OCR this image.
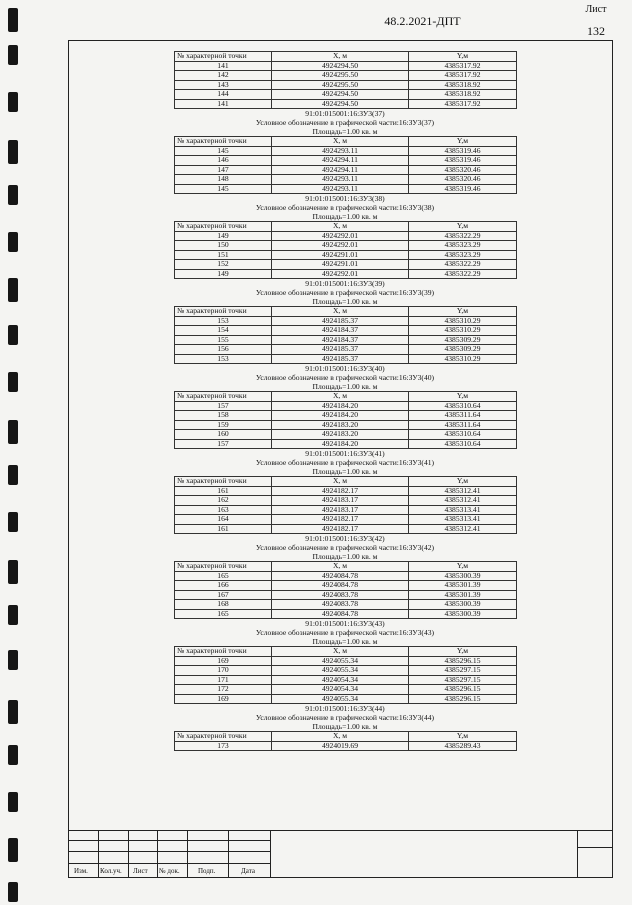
№ характерной точки	X, м	Y,м
141	4924294.50	4385317.92
142	4924295.50	4385317.92
143	4924295.50	4385318.92
144	4924294.50	4385318.92
141	4924294.50	4385317.92
91:01:015001:16:ЗУ3(37)
Условное обозначение в графической части:16:ЗУ3(37)
Площадь=1.00 кв. м
№ характерной точки	X, м	Y,м
145	4924293.11	4385319.46
146	4924294.11	4385319.46
147	4924294.11	4385320.46
148	4924293.11	4385320.46
145	4924293.11	4385319.46
91:01:015001:16:ЗУ3(38)
Условное обозначение в графической части:16:ЗУ3(38)
Площадь=1.00 кв. м
№ характерной точки	X, м	Y,м
149	4924292.01	4385322.29
150	4924292.01	4385323.29
151	4924291.01	4385323.29
152	4924291.01	4385322.29
149	4924292.01	4385322.29
91:01:015001:16:ЗУ3(39)
Условное обозначение в графической части:16:ЗУ3(39)
Площадь=1.00 кв. м
№ характерной точки	X, м	Y,м
153	4924185.37	4385310.29
154	4924184.37	4385310.29
155	4924184.37	4385309.29
156	4924185.37	4385309.29
153	4924185.37	4385310.29
91:01:015001:16:ЗУ3(40)
Условное обозначение в графической части:16:ЗУ3(40)
Площадь=1.00 кв. м
№ характерной точки	X, м	Y,м
157	4924184.20	4385310.64
158	4924184.20	4385311.64
159	4924183.20	4385311.64
160	4924183.20	4385310.64
157	4924184.20	4385310.64
91:01:015001:16:ЗУ3(41)
Условное обозначение в графической части:16:ЗУ3(41)
Площадь=1.00 кв. м
№ характерной точки	X, м	Y,м
161	4924182.17	4385312.41
162	4924183.17	4385312.41
163	4924183.17	4385313.41
164	4924182.17	4385313.41
161	4924182.17	4385312.41
91:01:015001:16:ЗУ3(42)
Условное обозначение в графической части:16:ЗУ3(42)
Площадь=1.00 кв. м
№ характерной точки	X, м	Y,м
165	4924084.78	4385300.39
166	4924084.78	4385301.39
167	4924083.78	4385301.39
168	4924083.78	4385300.39
165	4924084.78	4385300.39
91:01:015001:16:ЗУ3(43)
Условное обозначение в графической части:16:ЗУ3(43)
Площадь=1.00 кв. м
№ характерной точки	X, м	Y,м
169	4924055.34	4385296.15
170	4924055.34	4385297.15
171	4924054.34	4385297.15
172	4924054.34	4385296.15
169	4924055.34	4385296.15
91:01:015001:16:ЗУ3(44)
Условное обозначение в графической части:16:ЗУ3(44)
Площадь=1.00 кв. м
№ характерной точки	X, м	Y,м
173	4924019.69	4385289.43
Изм. Кол.уч. Лист № док.	Подп.	Дата
48.2.2021-ДПТ
Лист
132
